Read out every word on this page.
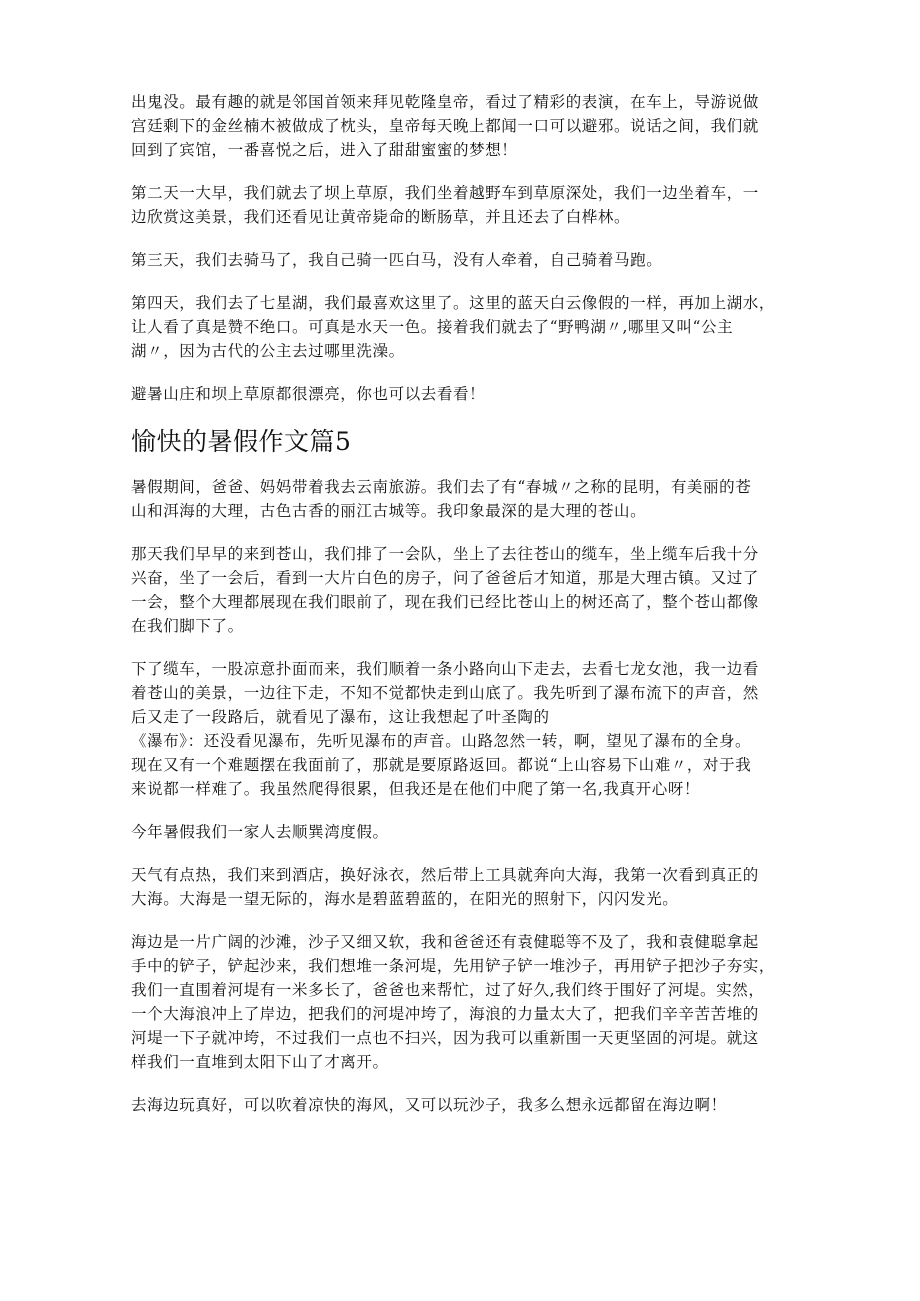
出鬼没。最有趣的就是邻国首领来拜见乾隆皇帝，看过了精彩的表演，在车上，导游说做
宫廷剩下的金丝楠木被做成了枕头，皇帝每天晚上都闻一口可以避邪。说话之间，我们就
回到了宾馆，一番喜悦之后，进入了甜甜蜜蜜的梦想！

第二天一大早，我们就去了坝上草原，我们坐着越野车到草原深处，我们一边坐着车，一
边欣赏这美景，我们还看见让黄帝毙命的断肠草，并且还去了白桦林。

第三天，我们去骑马了，我自己骑一匹白马，没有人牵着，自己骑着马跑。

第四天，我们去了七星湖，我们最喜欢这里了。这里的蓝天白云像假的一样，再加上湖水，
让人看了真是赞不绝口。可真是水天一色。接着我们就去了“野鸭湖〃,哪里又叫“公主
湖〃，因为古代的公主去过哪里洗澡。

避暑山庄和坝上草原都很漂亮，你也可以去看看！

愉快的暑假作文篇5

暑假期间，爸爸、妈妈带着我去云南旅游。我们去了有“春城〃之称的昆明，有美丽的苍
山和洱海的大理，古色古香的丽江古城等。我印象最深的是大理的苍山。

那天我们早早的来到苍山，我们排了一会队，坐上了去往苍山的缆车，坐上缆车后我十分
兴奋，坐了一会后，看到一大片白色的房子，问了爸爸后才知道，那是大理古镇。又过了
一会，整个大理都展现在我们眼前了，现在我们已经比苍山上的树还高了，整个苍山都像
在我们脚下了。

下了缆车，一股凉意扑面而来，我们顺着一条小路向山下走去，去看七龙女池，我一边看
着苍山的美景，一边往下走，不知不觉都快走到山底了。我先听到了瀑布流下的声音，然
后又走了一段路后，就看见了瀑布，这让我想起了叶圣陶的
《瀑布》：还没看见瀑布，先听见瀑布的声音。山路忽然一转，啊，望见了瀑布的全身。
现在又有一个难题摆在我面前了，那就是要原路返回。都说“上山容易下山难〃，对于我
来说都一样难了。我虽然爬得很累，但我还是在他们中爬了第一名,我真开心呀！

今年暑假我们一家人去顺巽湾度假。

天气有点热，我们来到酒店，换好泳衣，然后带上工具就奔向大海，我第一次看到真正的
大海。大海是一望无际的，海水是碧蓝碧蓝的，在阳光的照射下，闪闪发光。

海边是一片广阔的沙滩，沙子又细又软，我和爸爸还有袁健聪等不及了，我和袁健聪拿起
手中的铲子，铲起沙来，我们想堆一条河堤，先用铲子铲一堆沙子，再用铲子把沙子夯实，
我们一直围着河堤有一米多长了，爸爸也来帮忙，过了好久,我们终于围好了河堤。实然，
一个大海浪冲上了岸边，把我们的河堤冲垮了，海浪的力量太大了，把我们辛辛苦苦堆的
河堤一下子就冲垮，不过我们一点也不扫兴，因为我可以重新围一天更坚固的河堤。就这
样我们一直堆到太阳下山了才离开。

去海边玩真好，可以吹着凉快的海风，又可以玩沙子，我多么想永远都留在海边啊！
